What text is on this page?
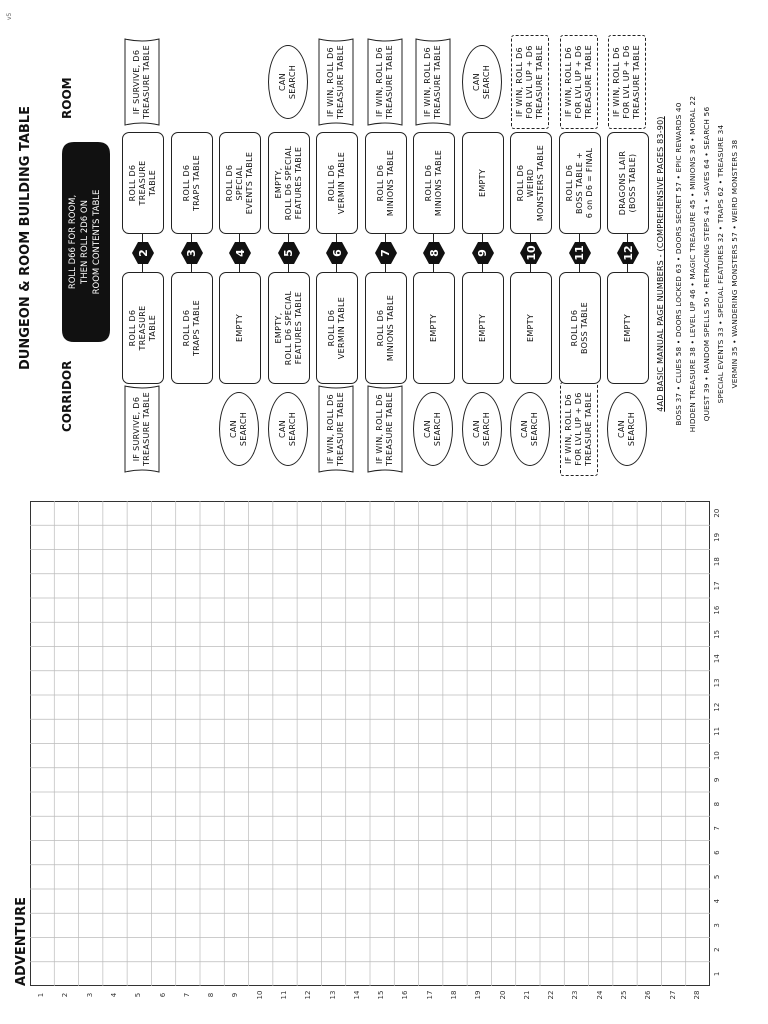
ADVENTURE
1 2 3 4 5 6 7 8 9 10 11 12 13 14 15 16 17 18 19 20 21 22 23 24 25 26 27 28
1
2
3
4
5
6
7
8
9
10
11
12
13
14
15
16
17
18
19
20
DUNGEON & ROOM BUILDING TABLE
CORRIDOR
ROOM
ROLL D66 FOR ROOM,
THEN ROLL 2D6 ON
ROOM CONTENTS TABLE
IF SURVIVE, D6
TREASURE TABLE
ROLL D6
TREASURE
TABLE
2
ROLL D6
TREASURE
TABLE
IF SURVIVE, D6
TREASURE TABLE
ROLL D6
TRAPS TABLE
3
ROLL D6
TRAPS TABLE
CAN
SEARCH
EMPTY
4
ROLL D6
SPECIAL
EVENTS TABLE
CAN
SEARCH
EMPTY,
ROLL D6 SPECIAL
FEATURES TABLE
5
EMPTY,
ROLL D6 SPECIAL
FEATURES TABLE
CAN
SEARCH
IF WIN, ROLL D6
TREASURE TABLE
ROLL D6
VERMIN TABLE
6
ROLL D6
VERMIN TABLE
IF WIN, ROLL D6
TREASURE TABLE
IF WIN, ROLL D6
TREASURE TABLE
ROLL D6
MINIONS TABLE
7
ROLL D6
MINIONS TABLE
IF WIN, ROLL D6
TREASURE TABLE
CAN
SEARCH
EMPTY
8
ROLL D6
MINIONS TABLE
IF WIN, ROLL D6
TREASURE TABLE
CAN
SEARCH
EMPTY
9
EMPTY
CAN
SEARCH
CAN
SEARCH
EMPTY
10
ROLL D6
WEIRD
MONSTERS TABLE
IF WIN, ROLL D6
FOR LVL UP + D6
TREASURE TABLE
IF WIN, ROLL D6
FOR LVL UP + D6
TREASURE TABLE
ROLL D6
BOSS TABLE
11
ROLL D6
BOSS TABLE +
6 on D6 = FINAL
IF WIN, ROLL D6
FOR LVL UP + D6
TREASURE TABLE
CAN
SEARCH
EMPTY
12
DRAGONS LAIR
(BOSS TABLE)
IF WIN, ROLL D6
FOR LVL UP + D6
TREASURE TABLE
4AD BASIC MANUAL PAGE NUMBERS - (COMPREHENSIVE PAGES 83-90)	BOSS 37 • CLUES 58 • DOORS LOCKED 63 • DOORS SECRET 57 • EPIC REWARDS 40 HIDDEN TREASURE 38 • LEVEL UP 46 • MAGIC TREASURE 45 • MINIONS 36 • MORAL 22 QUEST 39 • RANDOM SPELLS 50 • RETRACING STEPS 41 • SAVES 64 • SEARCH 56 SPECIAL EVENTS 33 • SPECIAL FEATURES 32 • TRAPS 62 • TREASURE 34 VERMIN 35 • WANDERING MONSTERS 57 • WEIRD MONSTERS 38
v5
